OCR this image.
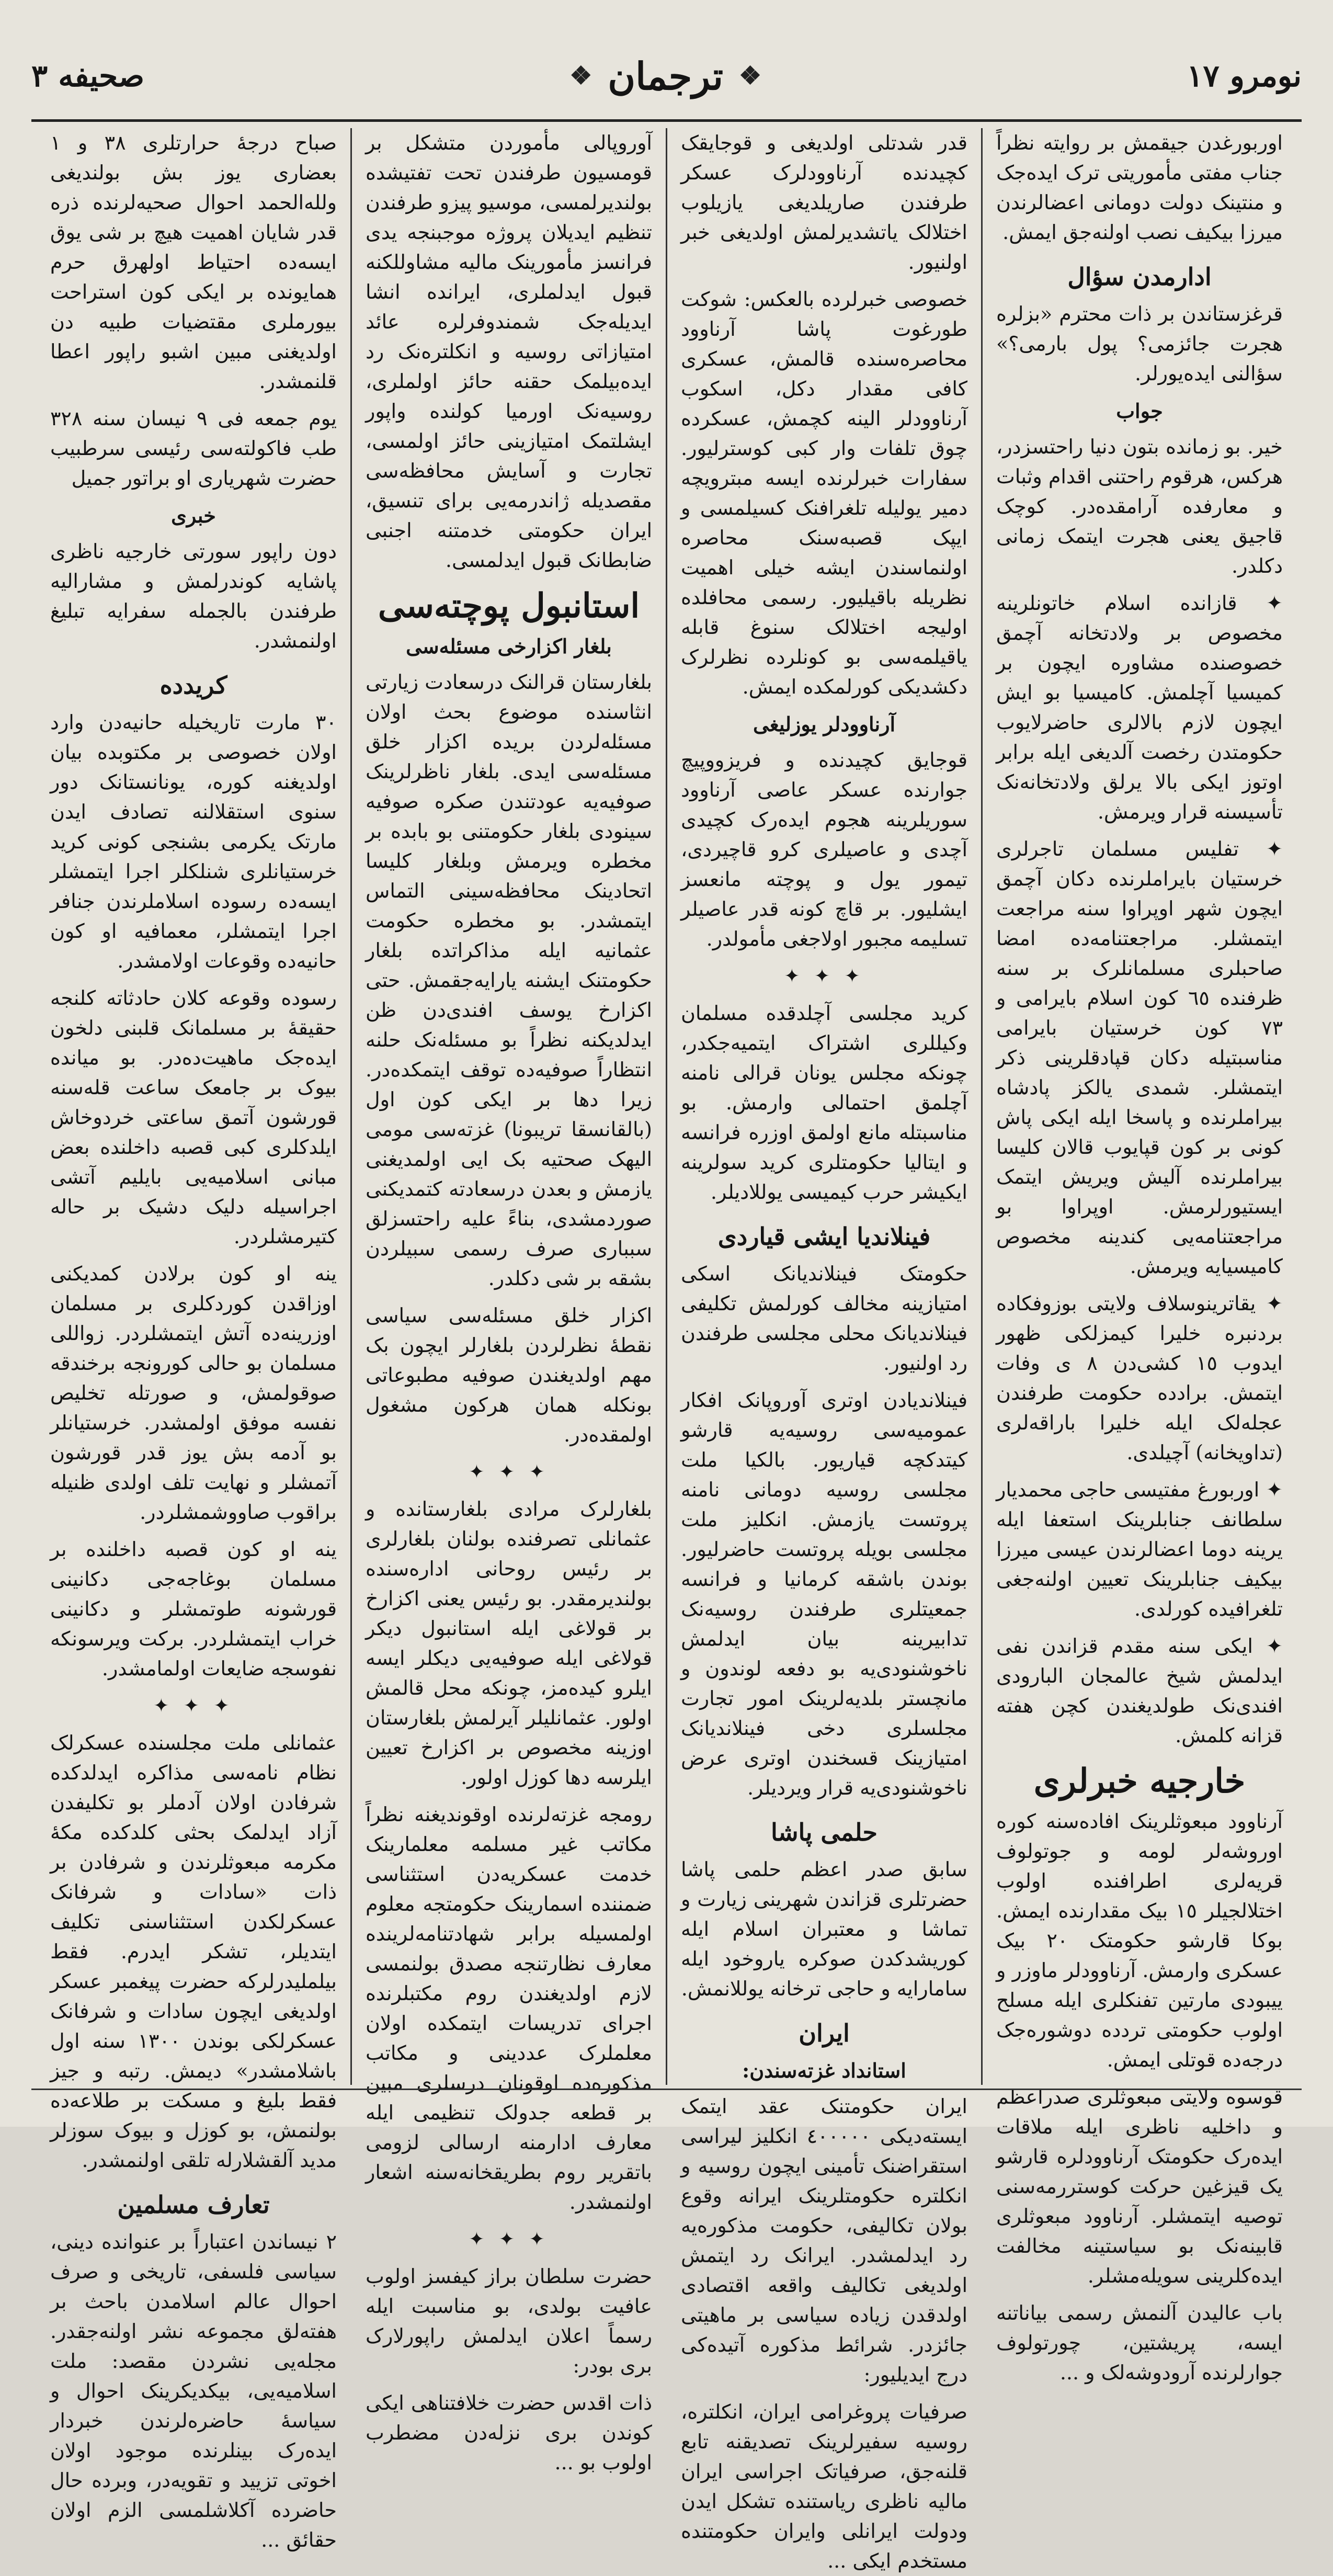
صحیفه ٣	❖ ترجمان ❖	نومرو ١٧

اوربورغدن جیقمش بر روایته نظراً جناب مفتی مأموریتی ترک ایده‌جک و منتینک دولت دومانی اعضالرندن میرزا بیکیف نصب اولنه‌جق ایمش.

ادارمدن سؤال

قرغزستاندن بر ذات محترم «بزلره هجرت جائزمی؟ پول بارمی؟» سؤالنی ایده‌یورلر.

جواب

خیر. بو زمانده بتون دنیا راحتسزدر، هرکس، هرقوم راحتنی اقدام وثبات و معارفده آرامقده‌در. کوچک قاجیق یعنی هجرت ایتمک زمانی دکلدر.

✦ قازانده اسلام خاتونلرینه مخصوص بر ولادتخانه آچمق خصوصنده مشاوره ایچون بر کمیسیا آچلمش. کامیسیا بو ایش ایچون لازم بالالری حاضرلایوب حکومتدن رخصت آلدیغی ایله برابر اوتوز ایکی بالا یرلق ولادتخانه‌نک تأسیسنه قرار ویرمش.

✦ تفلیس مسلمان تاجرلری خرستیان بایراملرنده دکان آچمق ایچون شهر اوپراوا سنه مراجعت ایتمشلر. مراجعتنامه‌ده امضا صاحبلری مسلمانلرک بر سنه ظرفنده ٦٥ کون اسلام بایرامی و ٧٣ کون خرستیان بایرامی مناسبتیله دکان قپادقلرینی ذکر ایتمشلر. شمدی یالکز پادشاه بیراملرنده و پاسخا ایله ایکی پاش کونی بر کون قپایوب قالان کلیسا بیراملرنده آلیش ویریش ایتمک ایستیورلرمش. اوپراوا بو مراجعتنامه‌یی کندینه مخصوص کامیسیایه ویرمش.

✦ یقاترینوسلاف ولایتی بوزوفکاده بردنبره خلیرا کیمزلکی ظهور ایدوب ١٥ کشی‌دن ٨ ی وفات ایتمش. برادده حکومت طرفندن عجله‌لک ایله خلیرا باراقه‌لری (تداویخانه) آچیلدی.

✦ اوربورغ مفتیسی حاجی محمدیار سلطانف جنابلرینک استعفا ایله یرینه دوما اعضالرندن عیسی میرزا بیکیف جنابلرینک تعیین اولنه‌جغی تلغرافیده کورلدی.

✦ ایکی سنه مقدم قزاندن نفی ایدلمش شیخ عالمجان البارودی افندی‌نک طولدیغندن کچن هفته قزانه کلمش.

خارجیه خبرلری

آرناوود مبعوثلرینک افاده‌سنه کوره اوروشه‌لر لومه و جوتولوف قریه‌لری اطرافنده اولوب اختلالجیلر ١٥ بیک مقدارنده ایمش. بوکا قارشو حکومتک ٢٠ بیک عسکری وارمش. آرناوودلر ماوزر و ییبودی مارتین تفنکلری ایله مسلح اولوب حکومتی تردده دوشوره‌جک درجه‌ده قوتلی ایمش.

قوسوه ولایتی مبعوثلری صدراعظم و داخلیه ناظری ایله ملاقات ایده‌رک حکومتک آرناوودلره قارشو یک قیزغین حرکت کوستررمه‌سنی توصیه ایتمشلر. آرناوود مبعوثلری قابینه‌نک بو سیاستینه مخالفت ایده‌کلرینی سویله‌مشلر.

باب عالیدن آلنمش رسمی بیاناتنه ایسه، پریشتین، چورتولوف جوارلرنده آرودوشه‌لک و ...

قدر شدتلی اولدیغی و قوجایقک کچیدنده آرناوودلرک عسکر طرفندن صاریلدیغی یازیلوب اختلالک یاتشدیرلمش اولدیغی خبر اولنیور.

خصوصی خبرلرده بالعکس: شوکت طورغوت پاشا آرناوود محاصره‌سنده قالمش، عسکری کافی مقدار دکل، اسکوب آرناوودلر الینه کچمش، عسکرده چوق تلفات وار کبی کوسترلیور. سفارات خبرلرنده ایسه مبترویچه دمیر یولیله تلغرافنک کسیلمسی و ایپک قصبه‌سنک محاصره اولنماسندن ایشه خیلی اهمیت نظریله باقیلیور. رسمی محافلده اولیجه اختلالک سنوغ قابله یاقیلمه‌سی بو کونلرده نظرلرک دکشدیکی کورلمکده ایمش.

آرناوودلر یوزلیغی

قوجایق کچیدنده و فریزوو‌پیچ جوارنده عسکر عاصی آرناوود سوریلرینه هجوم ایده‌رک کچیدی آچدی و عاصیلری کرو قاچیردی، تیمور یول و پوچته مانعسز ایشلیور. بر قاچ کونه قدر عاصیلر تسلیمه مجبور اولاجغی مأمولدر.

✦ ✦ ✦

کرید مجلسی آچلدقده مسلمان وکیللری اشتراک ایتمیه‌جکدر، چونکه مجلس یونان قرالی نامنه آچلمق احتمالی وارمش. بو مناسبتله مانع اولمق اوزره فرانسه و ایتالیا حکومتلری کرید سولرینه ایکیشر حرب کیمیسی یوللادیلر.

فینلاندیا ایشی قیاردی

حکومتک فینلاندیانک اسکی امتیازینه مخالف کورلمش تکلیفی فینلاندیانک محلی مجلسی طرفندن رد اولنیور.

فینلاندیادن اوتری آوروپانک افکار عمومیه‌سی روسیه‌یه قارشو کیتدکچه قیاریور. بالکیا ملت مجلسی روسیه دومانی نامنه پروتست یازمش. انکلیز ملت مجلسی بویله پروتست حاضرلیور. بوندن باشقه کرمانیا و فرانسه جمعیتلری طرفندن روسیه‌نک تدابیرینه بیان ایدلمش ناخوشنودی‌یه بو دفعه لوندون و مانچستر بلدیه‌لرینک امور تجارت مجلسلری دخی فینلاندیانک امتیازینک قسخندن اوتری عرض ناخوشنودی‌یه قرار ویردیلر.

حلمی پاشا

سابق صدر اعظم حلمی پاشا حضرتلری قزاندن شهرینی زیارت و تماشا و معتبران اسلام ایله کوریشدکدن صوکره یاروخود ایله سامارایه و حاجی ترخانه یوللانمش.

ایران
استانداد غزته‌سندن:

ایران حکومتنک عقد ایتمک ایسته‌دیکی ٤٠٠٠٠٠ انکلیز لیراسی استقراضنک تأمینی ایچون روسیه و انکلتره حکومتلرینک ایرانه وقوع بولان تکالیفی، حکومت مذکوره‌یه رد ایدلمشدر. ایرانک رد ایتمش اولدیغی تکالیف واقعه اقتصادی اولدقدن زیاده سیاسی بر ماهیتی جائزدر. شرائط مذکوره آتیده‌کی درج ایدیلیور:

صرفیات پروغرامی ایران، انکلتره، روسیه سفیرلرینک تصدیقنه تابع قلنه‌جق، صرفیاتک اجراسی ایران مالیه ناظری ریاستنده تشکل ایدن ودولت ایرانلی وایران حکومتنده مستخدم ایکی ...

آوروپالی مأموردن متشکل بر قومسیون طرفندن تحت تفتیشده بولندیرلمسی، موسیو پیزو طرفندن تنظیم ایدیلان پروژه موجبنجه یدی فرانسز مأمورینک مالیه مشاوللکنه قبول ایدلملری، ایرانده انشا ایدیله‌جک شمندوفرلره عائد امتیازاتی روسیه و انکلتره‌نک رد ایده‌بیلمک حقنه حائز اولملری، روسیه‌نک اورمیا کولنده واپور ایشلتمک امتیازینی حائز اولمسی، تجارت و آسایش محافظه‌سی مقصدیله ژاندرمه‌یی برای تنسیق، ایران حکومتی خدمتنه اجنبی ضابطانک قبول ایدلمسی.

استانبول پوچته‌سی
بلغار اکزارخی مسئله‌سی

بلغارستان قرالنک درسعادت زیارتی انثاسنده موضوع بحث اولان مسئله‌لردن بریده اکزار خلق مسئله‌سی ایدی. بلغار ناظرلرینک صوفیه‌یه عودتندن صکره صوفیه سینودی بلغار حکومتنی بو بابده بر مخطره ویرمش وبلغار کلیسا اتحادینک محافظه‌سینی التماس ایتمشدر. بو مخطره حکومت عثمانیه ایله مذاکراتده بلغار حکومتنک ایشنه یارایه‌جقمش. حتی اکزارخ یوسف افندی‌دن ظن ایدلدیکنه نظراً بو مسئله‌نک حلنه انتظاراً صوفیه‌ده توقف ایتمکده‌در. زیرا دها بر ایکی کون اول (بالقانسقا تریبونا) غزته‌سی مومی الیهک صحتیه بک ایی اولمدیغنی یازمش و بعدن درسعادته کتمدیکنی صوردمشدی، بناءً علیه راحتسزلق سبباری صرف رسمی سبیلردن بشقه بر شی دکلدر.

اکزار خلق مسئله‌سی سیاسی نقطهٔ نظرلردن بلغارلر ایچون بک مهم اولدیغندن صوفیه مطبوعاتی بونکله همان هرکون مشغول اولمقده‌در.

✦ ✦ ✦

بلغارلرک مرادی بلغارستانده و عثمانلی تصرفنده بولنان بلغارلری بر رئیس روحانی اداره‌سنده بولندیرمقدر. بو رئیس یعنی اکزارخ بر قولاغی ایله استانبول دیکر قولاغی ایله صوفیه‌یی دیکلر ایسه ایلرو کیده‌مز، چونکه محل قالمش اولور. عثمانلیلر آیرلمش بلغارستان اوزینه مخصوص بر اکزارخ تعیین ایلرسه دها کوزل اولور.

رومجه غزته‌لرنده اوقوندیغنه نظراً مکاتب غیر مسلمه معلمارینک خدمت عسکریه‌دن استثناسی ضمننده اسمارینک حکومتجه معلوم اولمسیله برابر شهادتنامه‌لرینده معارف نظارتنجه مصدق بولنمسی لازم اولدیغندن روم مکتبلرنده اجرای تدریسات ایتمکده اولان معلملرک عددینی و مکاتب مذکوره‌ده اوقونان درسلری مبین بر قطعه جدولک تنظیمی ایله معارف ادارمنه ارسالی لزومی باتقریر روم بطریقخانه‌سنه اشعار اولنمشدر.

✦ ✦ ✦

حضرت سلطان براز کیفسز اولوب عافیت بولدی، بو مناسبت ایله رسماً اعلان ایدلمش راپورلارک بری بودر:

ذات اقدس حضرت خلافتناهی ایکی کوندن بری نزله‌دن مضطرب اولوب بو ...

صباح درجهٔ حرارتلری ٣٨ و ١ بعضاری یوز بش بولندیغی ولله‌الحمد احوال صحیه‌لرنده ذره قدر شایان اهمیت هیچ بر شی یوق ایسه‌ده احتیاط اولهرق حرم همایونده بر ایکی کون استراحت بیورملری مقتضیات طبیه دن اولدیغنی مبین اشبو راپور اعطا قلنمشدر.

یوم جمعه فی ٩ نیسان سنه ٣٢٨ طب فاکولته‌سی رئیسی سرطبیب حضرت شهریاری او براتور جمیل

خبری

دون راپور سورتی خارجیه ناظری پاشایه کوندرلمش و مشارالیه طرفندن بالجمله سفرایه تبلیغ اولنمشدر.

کرید‌ده

٣٠ مارت تاریخیله حانیه‌دن وارد اولان خصوصی بر مکتوبده بیان اولدیغنه کوره، یونانستانک دور سنوی استقلالنه تصادف ایدن مارتک یکرمی بشنجی کونی کرید خرستیانلری شنلکلر اجرا ایتمشلر ایسه‌ده رسوده اسلاملرندن جنافر اجرا ایتمشلر، معمافیه او کون حانیه‌ده وقوعات اولامشدر.

رسوده وقوعه کلان حادثاته کلنجه حقیقهٔ بر مسلمانک قلبنی دلخون ایده‌جک ماهیت‌ده‌در. بو میانده بیوک بر جامعک ساعت قله‌سنه قورشون آتمق ساعتی خردوخاش ایلدکلری کبی قصبه داخلنده بعض مبانی اسلامیه‌یی بایلیم آتشی اجراسیله دلیک دشیک بر حاله کتیرمشلردر.

ینه او کون برلادن کمدیکنی اوزاقدن کوردکلری بر مسلمان اوزرینه‌ده آتش ایتمشلردر. زواللی مسلمان بو حالی کورونجه برخندقه صوقولمش، و صورتله تخلیص نفسه موفق اولمشدر. خرستیانلر بو آدمه بش یوز قدر قورشون آتمشلر و نهایت تلف اولدی ظنیله براقوب صاووشمشلردر.

ینه او کون قصبه داخلنده بر مسلمان بوغاجه‌جی دکانینی قورشونه طوتمشلر و دکانینی خراب ایتمشلردر. برکت ویرسونکه نفوسجه ضایعات اولمامشدر.

✦ ✦ ✦

عثمانلی ملت مجلسنده عسکرلک نظام نامه‌سی مذاکره ایدلدکده شرفادن اولان آدملر بو تکلیفدن آزاد ایدلمک بحثی کلدکده مکهٔ مکرمه مبعوثلرندن و شرفادن بر ذات «سادات و شرفانک عسکرلکدن استثناسنی تکلیف ایتدیلر، تشکر ایدرم. فقط بیلملیدرلرکه حضرت پیغمبر عسکر اولدیغی ایچون سادات و شرفانک عسکرلکی بوندن ١٣٠٠ سنه اول باشلامشدر» دیمش. رتبه و جیز فقط بلیغ و مسکت بر طلاعه‌ده بولنمش، بو کوزل و بیوک سوزلر مدید آلقشلارله تلقی اولنمشدر.

تعارف مسلمین

٢ نیساندن اعتباراً بر عنوانده دینی، سیاسی فلسفی، تاریخی و صرف احوال عالم اسلامدن باحث بر هفته‌لق مجموعه نشر اولنه‌جقدر. مجله‌یی نشردن مقصد: ملت اسلامیه‌یی، بیکدیکرینک احوال و سیاسهٔ حاضره‌لرندن خبردار ایده‌رک بینلرنده موجود اولان اخوتی تزیید و تقویه‌در، وبرده حال حاضرده آکلاشلمسی الزم اولان حقائق ...
